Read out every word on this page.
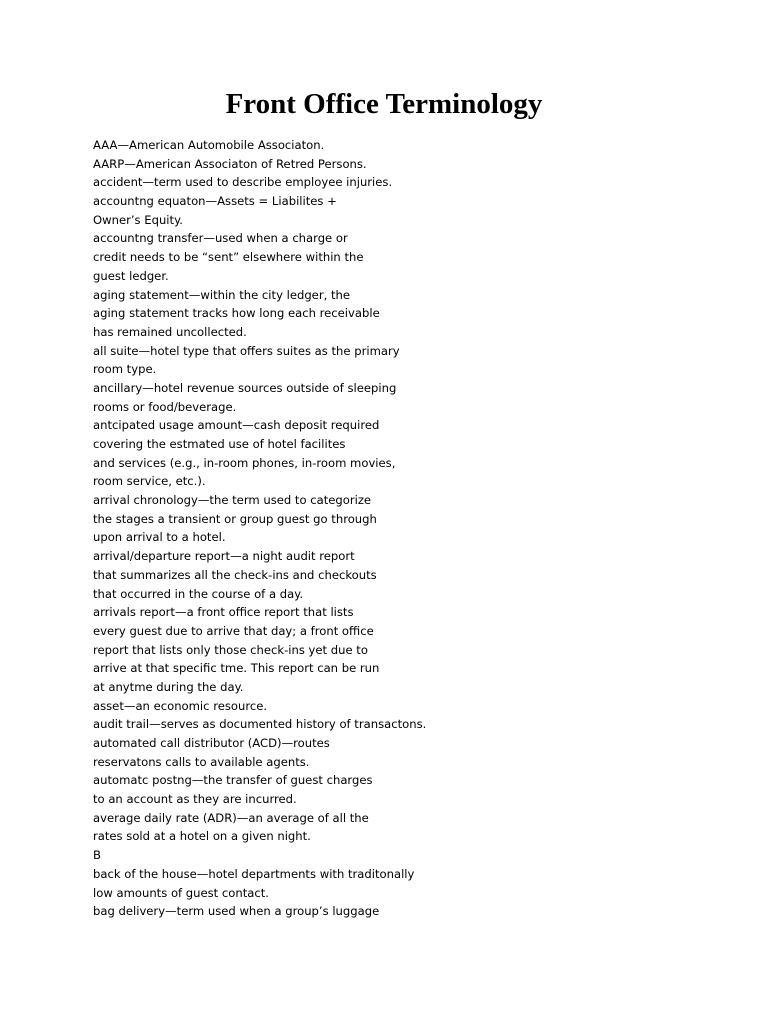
Front Office Terminology
AAA—American Automobile Associaton.
AARP—American Associaton of Retred Persons.
accident—term used to describe employee injuries.
accountng equaton—Assets = Liabilites +
Owner’s Equity.
accountng transfer—used when a charge or
credit needs to be “sent” elsewhere within the
guest ledger.
aging statement—within the city ledger, the
aging statement tracks how long each receivable
has remained uncollected.
all suite—hotel type that offers suites as the primary
room type.
ancillary—hotel revenue sources outside of sleeping
rooms or food/beverage.
antcipated usage amount—cash deposit required
covering the estmated use of hotel facilites
and services (e.g., in-room phones, in-room movies,
room service, etc.).
arrival chronology—the term used to categorize
the stages a transient or group guest go through
upon arrival to a hotel.
arrival/departure report—a night audit report
that summarizes all the check-ins and checkouts
that occurred in the course of a day.
arrivals report—a front office report that lists
every guest due to arrive that day; a front office
report that lists only those check-ins yet due to
arrive at that specific tme. This report can be run
at anytme during the day.
asset—an economic resource.
audit trail—serves as documented history of transactons.
automated call distributor (ACD)—routes
reservatons calls to available agents.
automatc postng—the transfer of guest charges
to an account as they are incurred.
average daily rate (ADR)—an average of all the
rates sold at a hotel on a given night.
B
back of the house—hotel departments with traditonally
low amounts of guest contact.
bag delivery—term used when a group’s luggage
